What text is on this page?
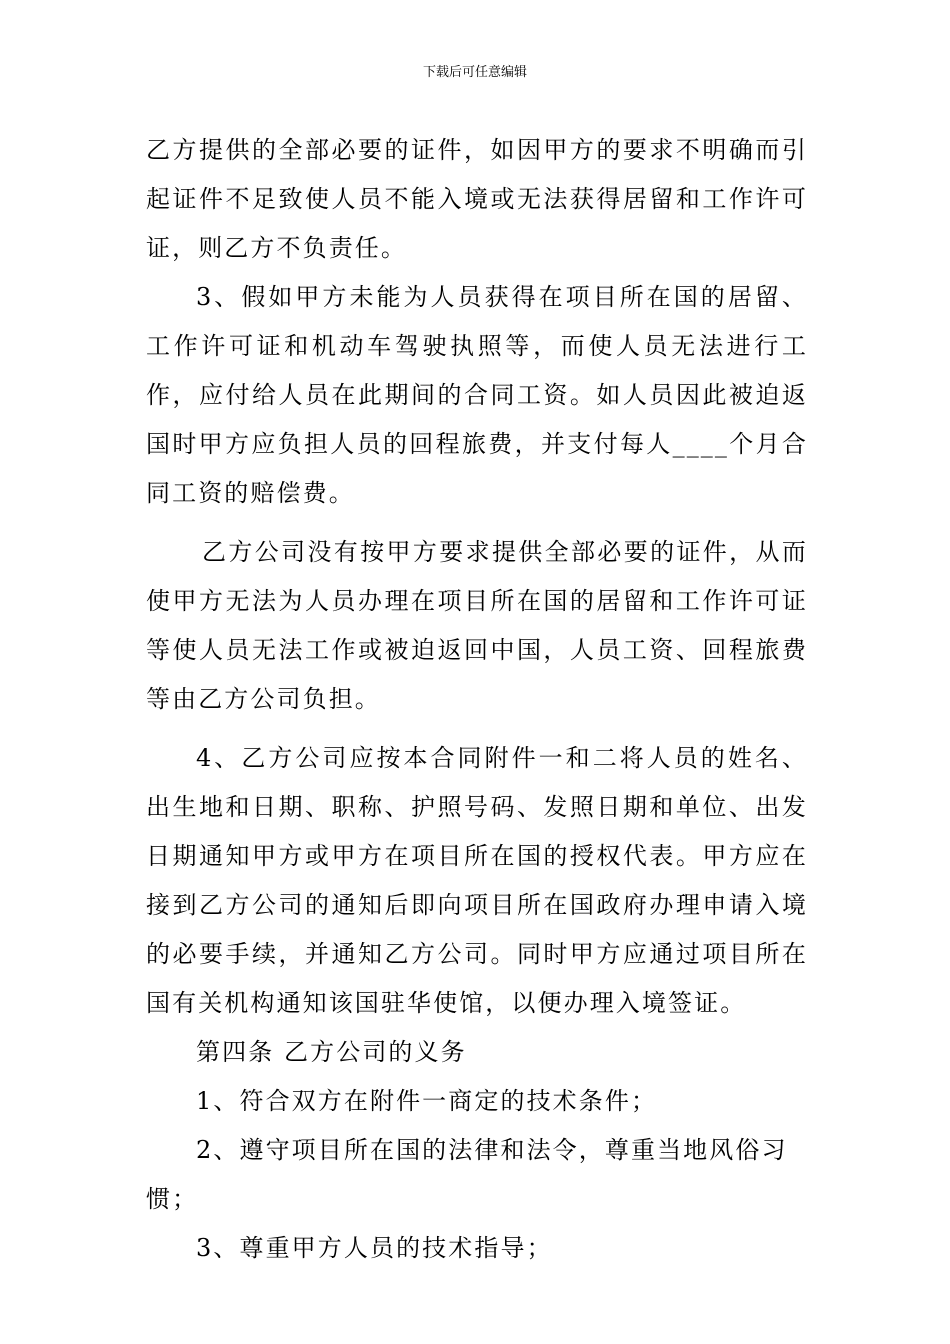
下载后可任意编辑

乙方提供的全部必要的证件，如因甲方的要求不明确而引起证件不足致使人员不能入境或无法获得居留和工作许可证，则乙方不负责任。

3、假如甲方未能为人员获得在项目所在国的居留、工作许可证和机动车驾驶执照等，而使人员无法进行工作，应付给人员在此期间的合同工资。如人员因此被迫返国时甲方应负担人员的回程旅费，并支付每人____个月合同工资的赔偿费。

乙方公司没有按甲方要求提供全部必要的证件，从而使甲方无法为人员办理在项目所在国的居留和工作许可证等使人员无法工作或被迫返回中国，人员工资、回程旅费等由乙方公司负担。

4、乙方公司应按本合同附件一和二将人员的姓名、出生地和日期、职称、护照号码、发照日期和单位、出发日期通知甲方或甲方在项目所在国的授权代表。甲方应在接到乙方公司的通知后即向项目所在国政府办理申请入境的必要手续，并通知乙方公司。同时甲方应通过项目所在国有关机构通知该国驻华使馆，以便办理入境签证。

第四条 乙方公司的义务

1、符合双方在附件一商定的技术条件；

2、遵守项目所在国的法律和法令，尊重当地风俗习惯；

3、尊重甲方人员的技术指导；
